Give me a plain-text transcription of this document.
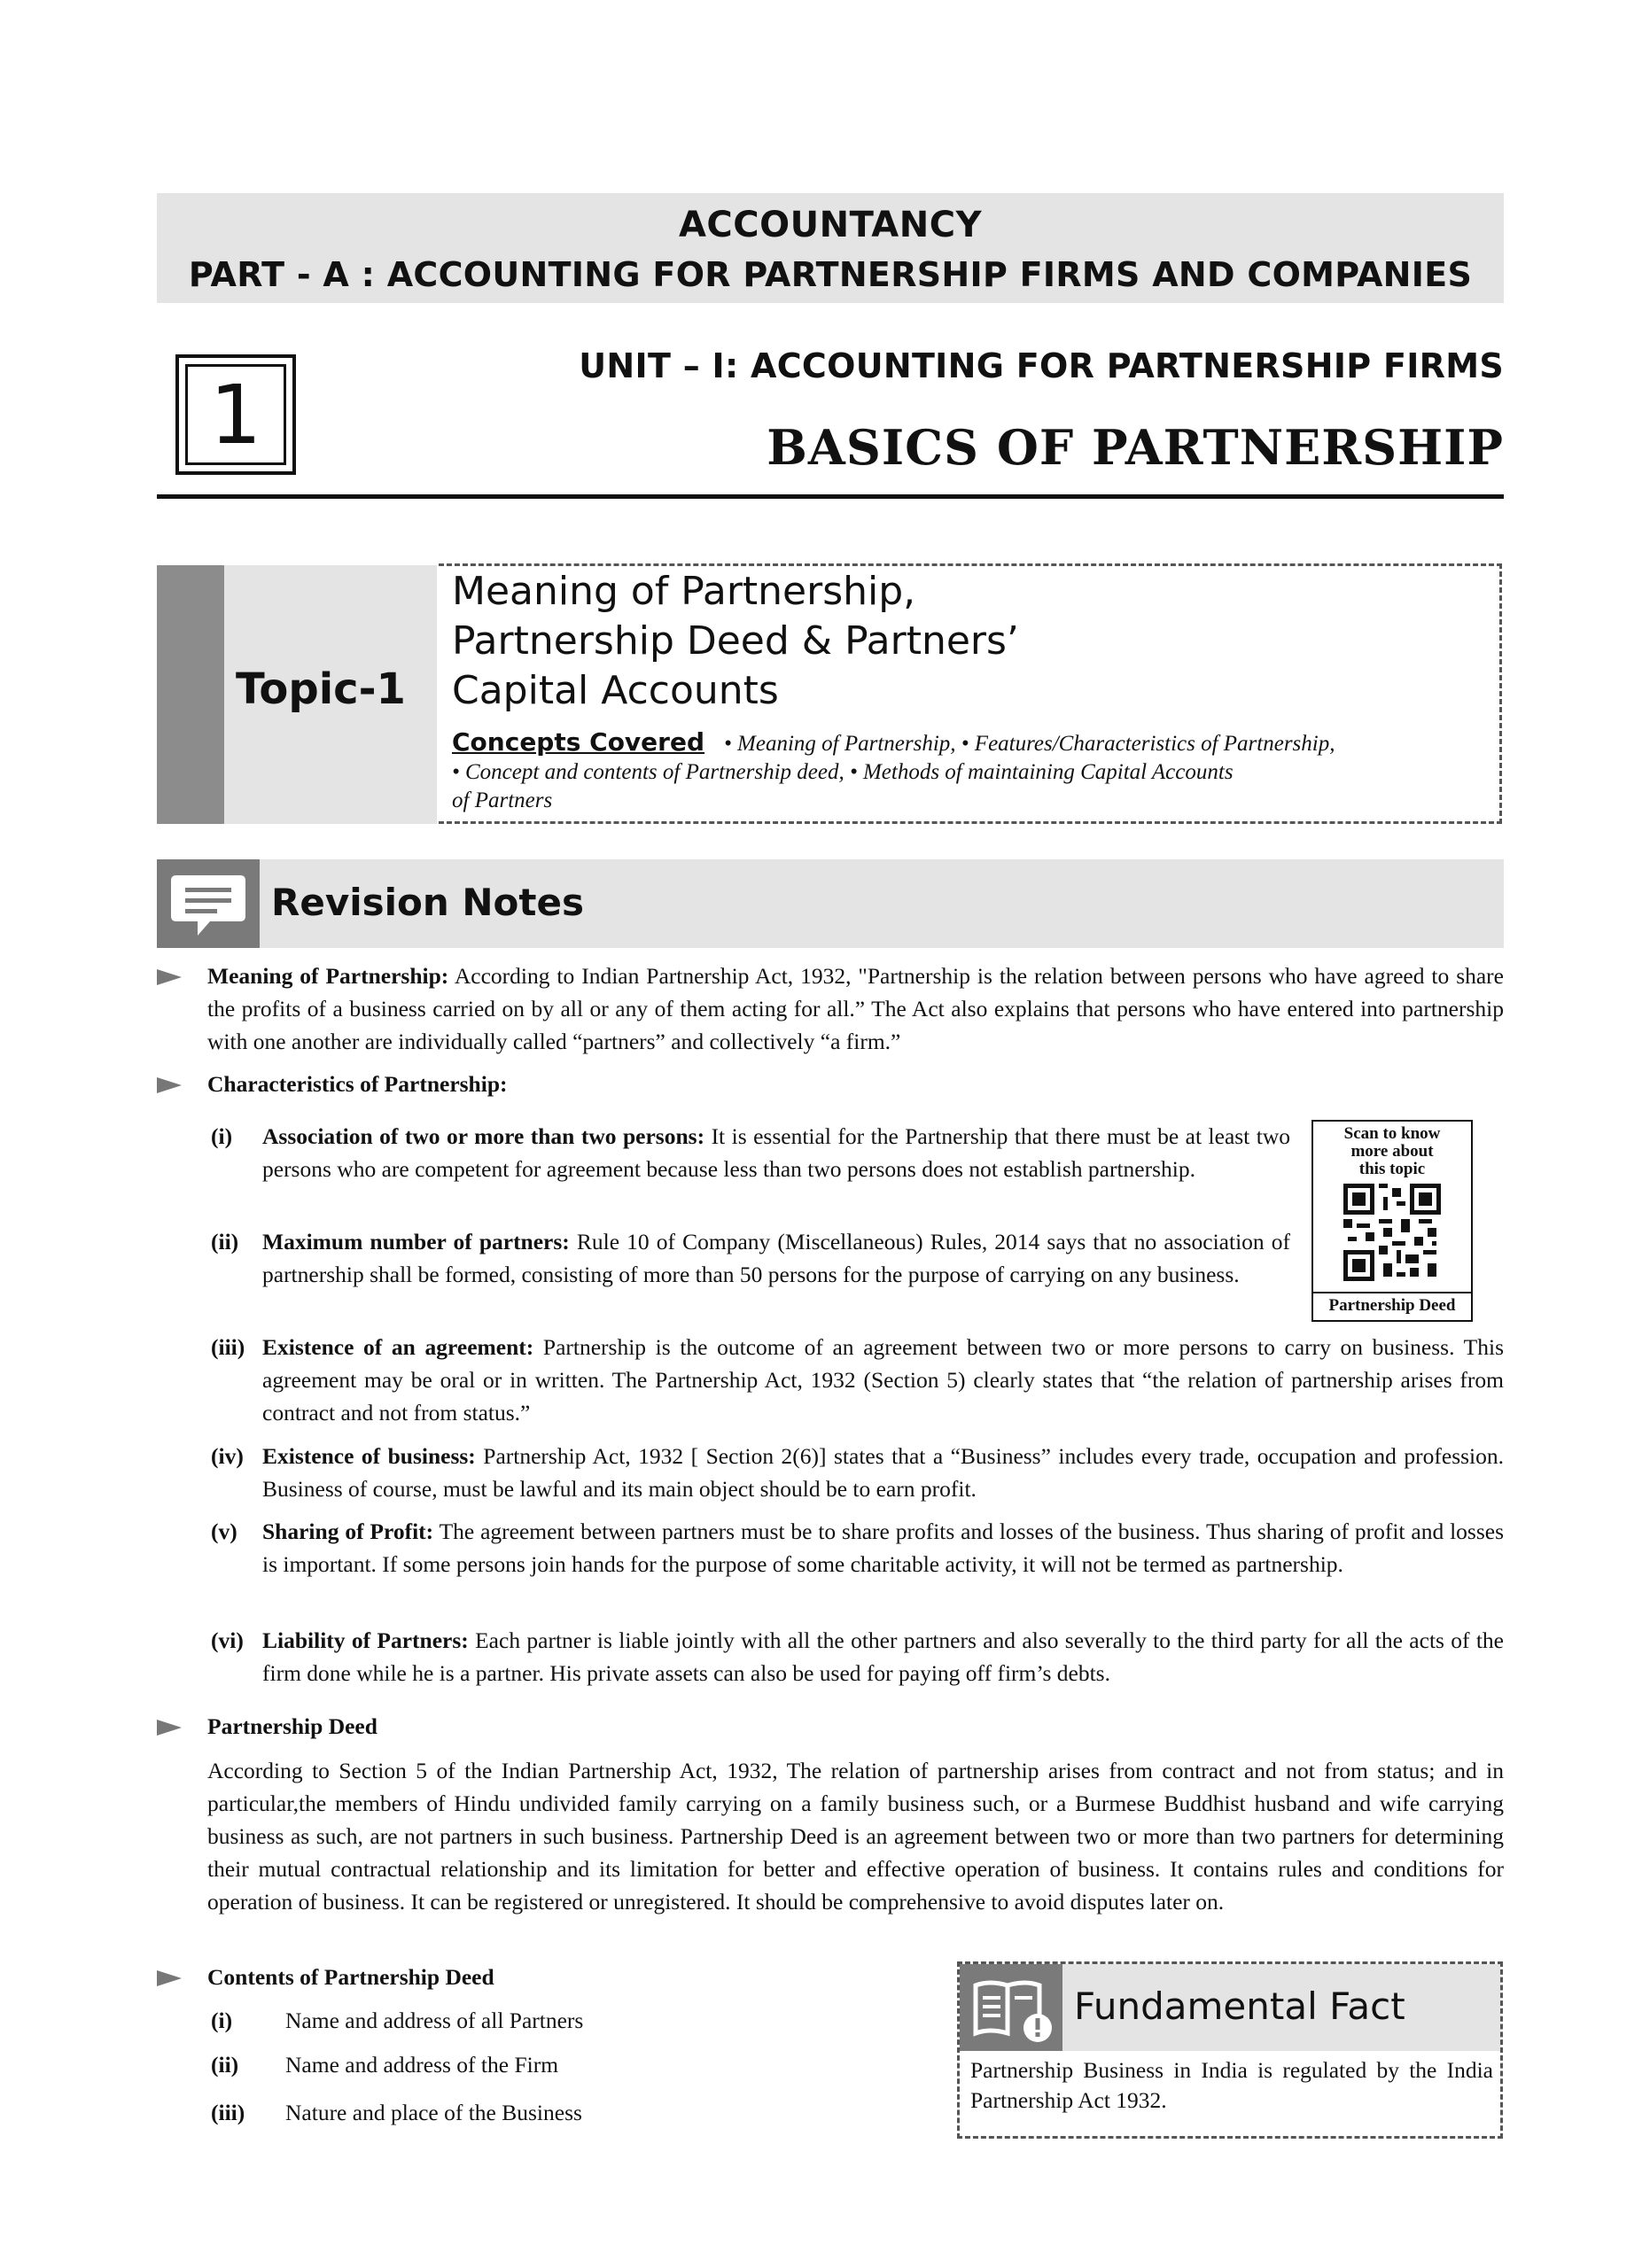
ACCOUNTANCY
PART - A : ACCOUNTING FOR PARTNERSHIP FIRMS AND COMPANIES
1
UNIT – I: ACCOUNTING FOR PARTNERSHIP FIRMS
BASICS OF PARTNERSHIP
Topic-1
Meaning of Partnership,
Partnership Deed & Partners’
Capital Accounts
Concepts Covered • Meaning of Partnership, • Features/Characteristics of Partnership,
• Concept and contents of Partnership deed, • Methods of maintaining Capital Accounts
of Partners
Revision Notes
Meaning of Partnership: According to Indian Partnership Act, 1932, "Partnership is the relation between persons who have agreed to share the profits of a business carried on by all or any of them acting for all.” The Act also explains that persons who have entered into partnership with one another are individually called “partners” and collectively “a firm.”
Characteristics of Partnership:
(i) Association of two or more than two persons: It is essential for the Partnership that there must be at least two persons who are competent for agreement because less than two persons does not establish partnership.
(ii) Maximum number of partners: Rule 10 of Company (Miscellaneous) Rules, 2014 says that no association of partnership shall be formed, consisting of more than 50 persons for the purpose of carrying on any business.
Scan to know
more about
this topic
Partnership Deed
(iii) Existence of an agreement: Partnership is the outcome of an agreement between two or more persons to carry on business. This agreement may be oral or in written. The Partnership Act, 1932 (Section 5) clearly states that “the relation of partnership arises from contract and not from status.”
(iv) Existence of business: Partnership Act, 1932 [ Section 2(6)] states that a “Business” includes every trade, occupation and profession. Business of course, must be lawful and its main object should be to earn profit.
(v) Sharing of Profit: The agreement between partners must be to share profits and losses of the business. Thus sharing of profit and losses is important. If some persons join hands for the purpose of some charitable activity, it will not be termed as partnership.
(vi) Liability of Partners: Each partner is liable jointly with all the other partners and also severally to the third party for all the acts of the firm done while he is a partner. His private assets can also be used for paying off firm’s debts.
Partnership Deed
According to Section 5 of the Indian Partnership Act, 1932, The relation of partnership arises from contract and not from status; and in particular,the members of Hindu undivided family carrying on a family business such, or a Burmese Buddhist husband and wife carrying business as such, are not partners in such business. Partnership Deed is an agreement between two or more than two partners for determining their mutual contractual relationship and its limitation for better and effective operation of business. It contains rules and conditions for operation of business. It can be registered or unregistered. It should be comprehensive to avoid disputes later on.
Contents of Partnership Deed
(i) Name and address of all Partners
(ii) Name and address of the Firm
(iii) Nature and place of the Business
Fundamental Fact
Partnership Business in India is regulated by the India Partnership Act 1932.
